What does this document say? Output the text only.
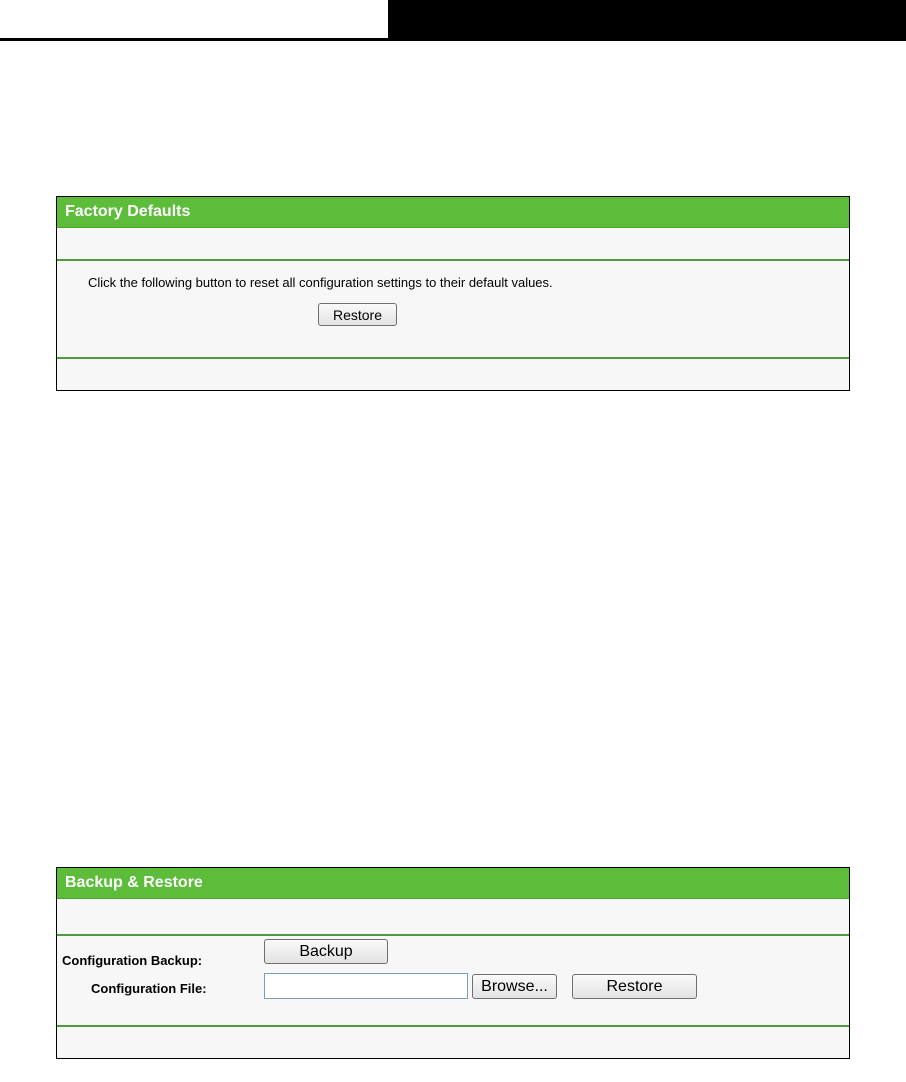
Factory Defaults
Click the following button to reset all configuration settings to their default values.
Restore
Backup & Restore
Configuration Backup:
Backup
Configuration File:	Browse...	Restore
